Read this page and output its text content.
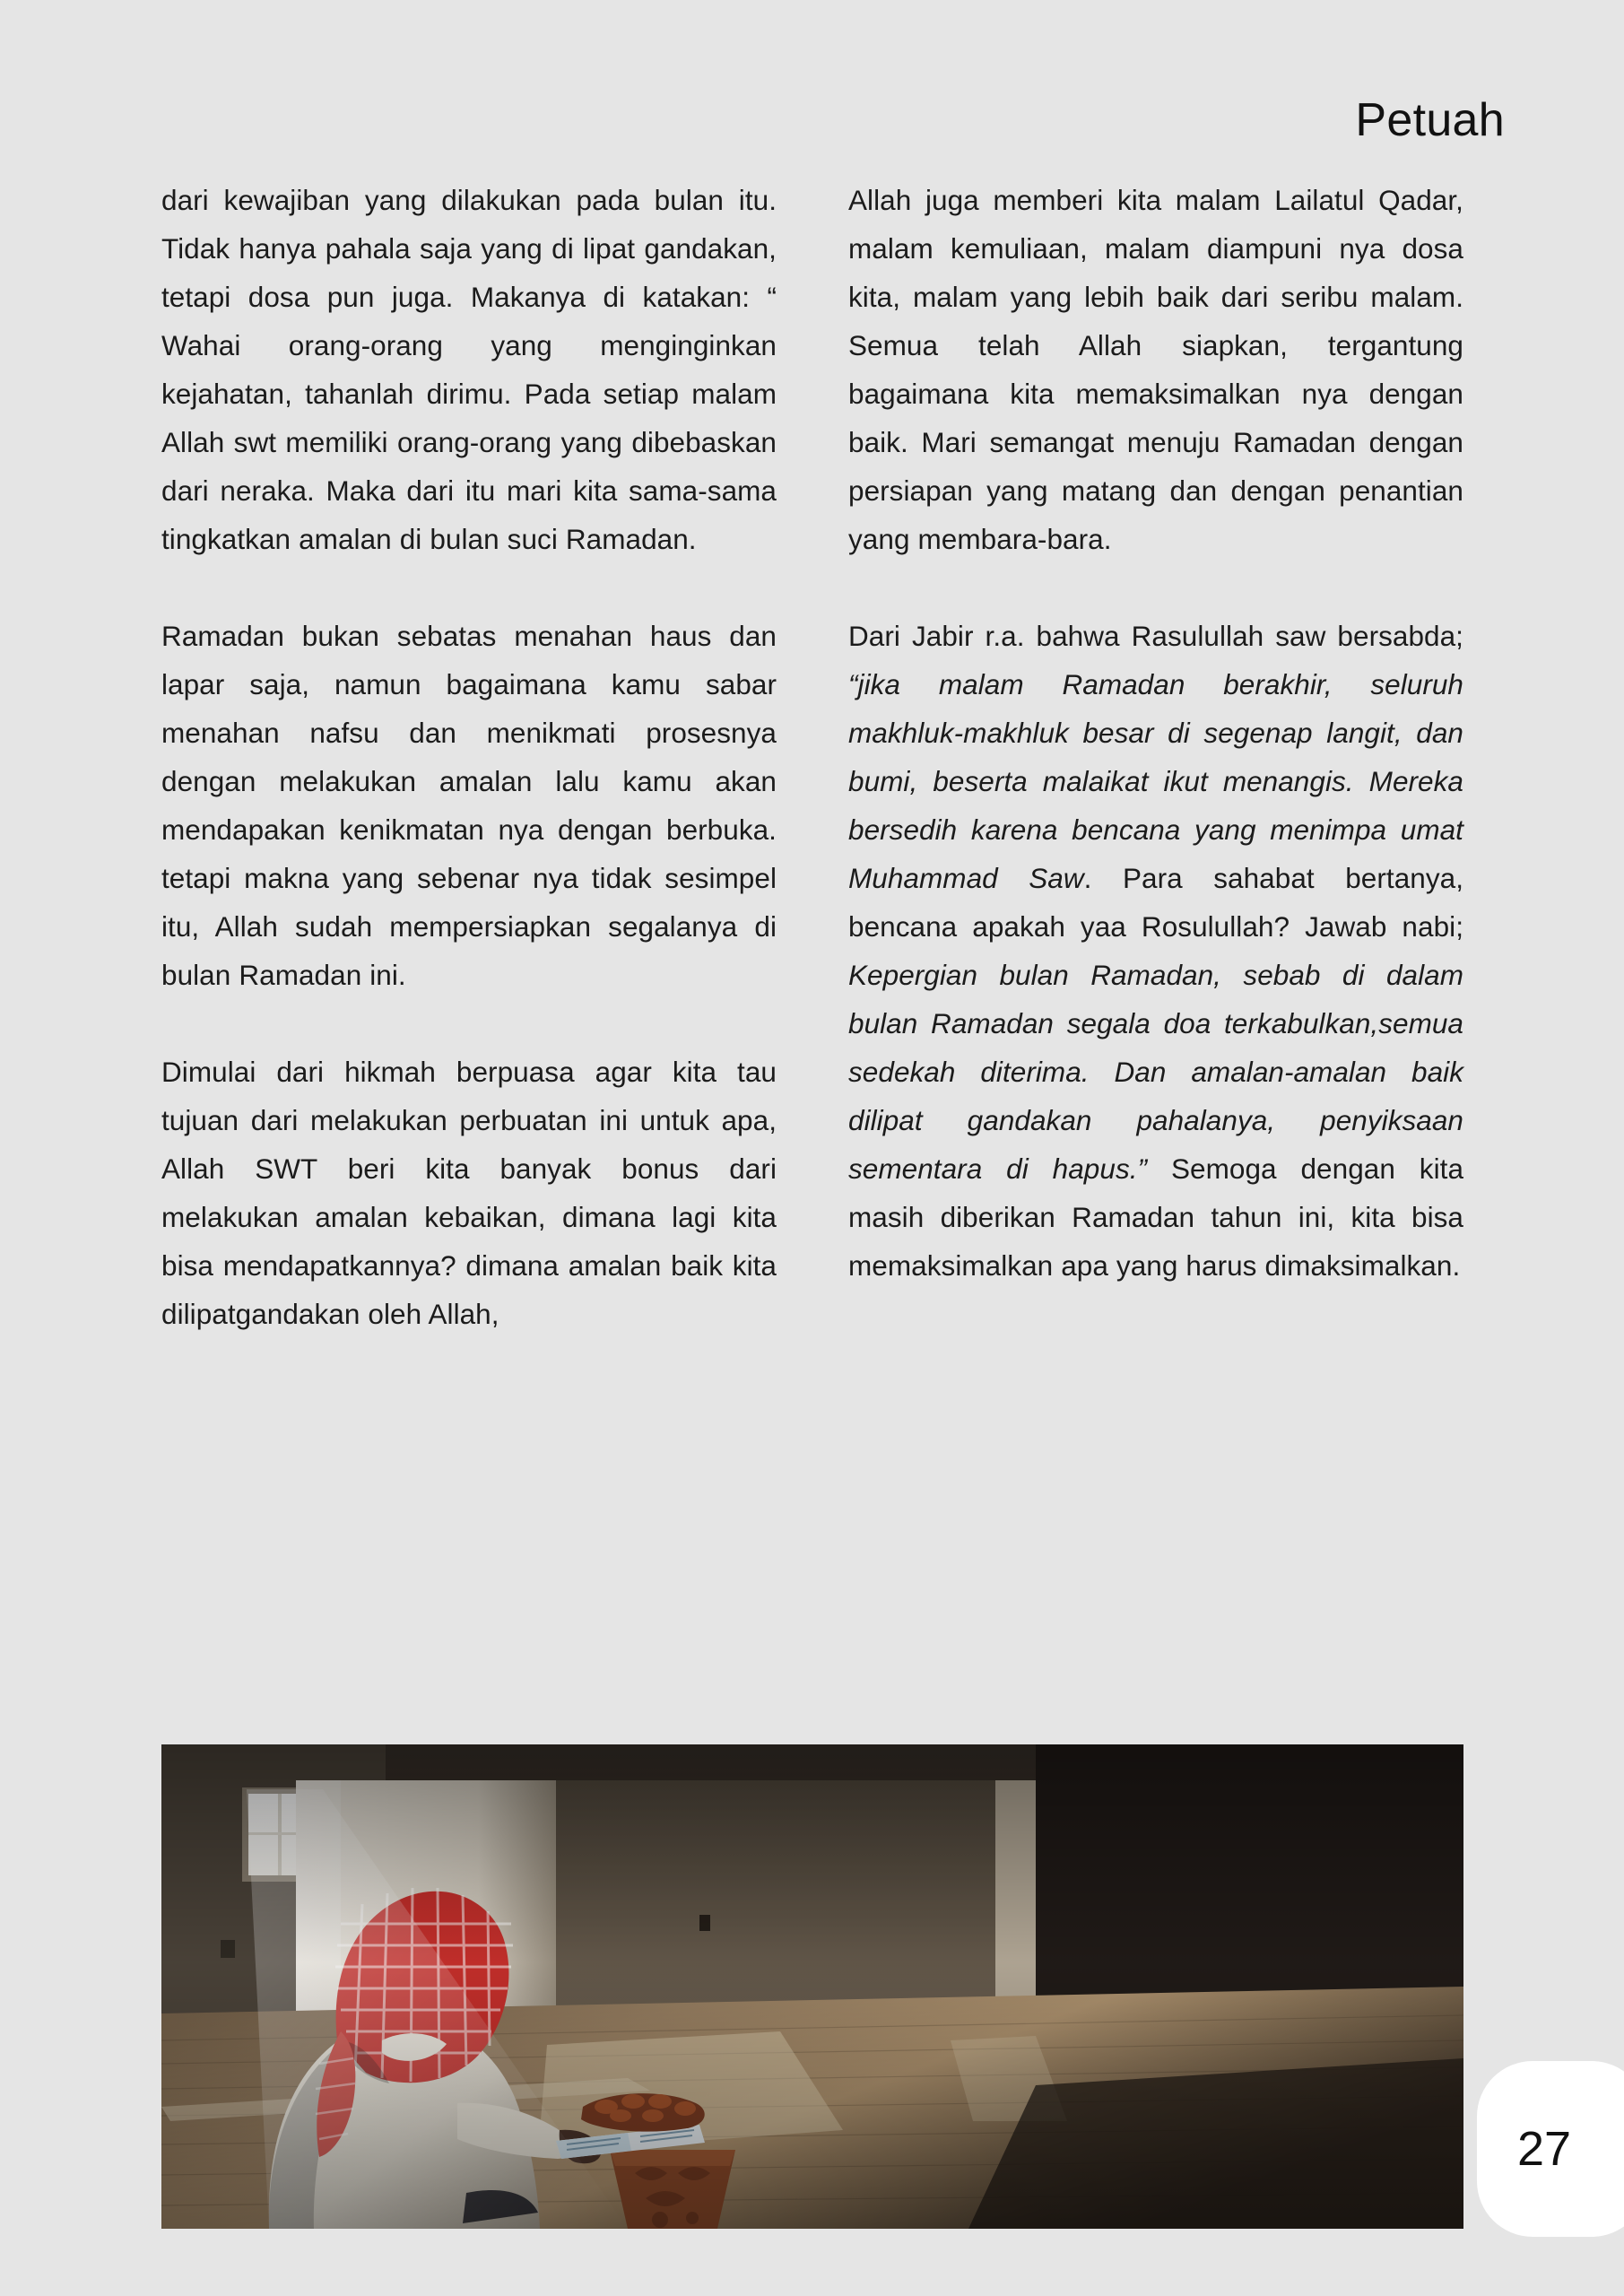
Petuah

dari kewajiban yang dilakukan pada bulan itu. Tidak hanya pahala saja yang di lipat gandakan, tetapi dosa pun juga. Makanya di katakan: “ Wahai orang-orang yang menginginkan kejahatan, tahanlah dirimu. Pada setiap malam Allah swt memiliki orang-orang yang dibebaskan dari neraka. Maka dari itu mari kita sama-sama tingkatkan amalan di bulan suci Ramadan.

Ramadan bukan sebatas menahan haus dan lapar saja, namun bagaimana kamu sabar menahan nafsu dan menikmati prosesnya dengan melakukan amalan lalu kamu akan mendapakan kenikmatan nya dengan berbuka. tetapi makna yang sebenar nya tidak sesimpel itu, Allah sudah mempersiapkan segalanya di bulan Ramadan ini.

Dimulai dari hikmah berpuasa agar kita tau tujuan dari melakukan perbuatan ini untuk apa, Allah SWT beri kita banyak bonus dari melakukan amalan kebaikan, dimana lagi kita bisa mendapatkannya? dimana amalan baik kita dilipatgandakan oleh Allah,

Allah juga memberi kita malam Lailatul Qadar, malam kemuliaan, malam diampuni nya dosa kita, malam yang lebih baik dari seribu malam. Semua telah Allah siapkan, tergantung bagaimana kita memaksimalkan nya dengan baik. Mari semangat menuju Ramadan dengan persiapan yang matang dan dengan penantian yang membara-bara.

Dari Jabir r.a. bahwa Rasulullah saw bersabda; “jika malam Ramadan berakhir, seluruh makhluk-makhluk besar di segenap langit, dan bumi, beserta malaikat ikut menangis. Mereka bersedih karena bencana yang menimpa umat Muhammad Saw. Para sahabat bertanya, bencana apakah yaa Rosulullah? Jawab nabi; Kepergian bulan Ramadan, sebab di dalam bulan Ramadan segala doa terkabulkan,semua sedekah diterima. Dan amalan-amalan baik dilipat gandakan pahalanya, penyiksaan sementara di hapus.” Semoga dengan kita masih diberikan Ramadan tahun ini, kita bisa memaksimalkan apa yang harus dimaksimalkan.

27
